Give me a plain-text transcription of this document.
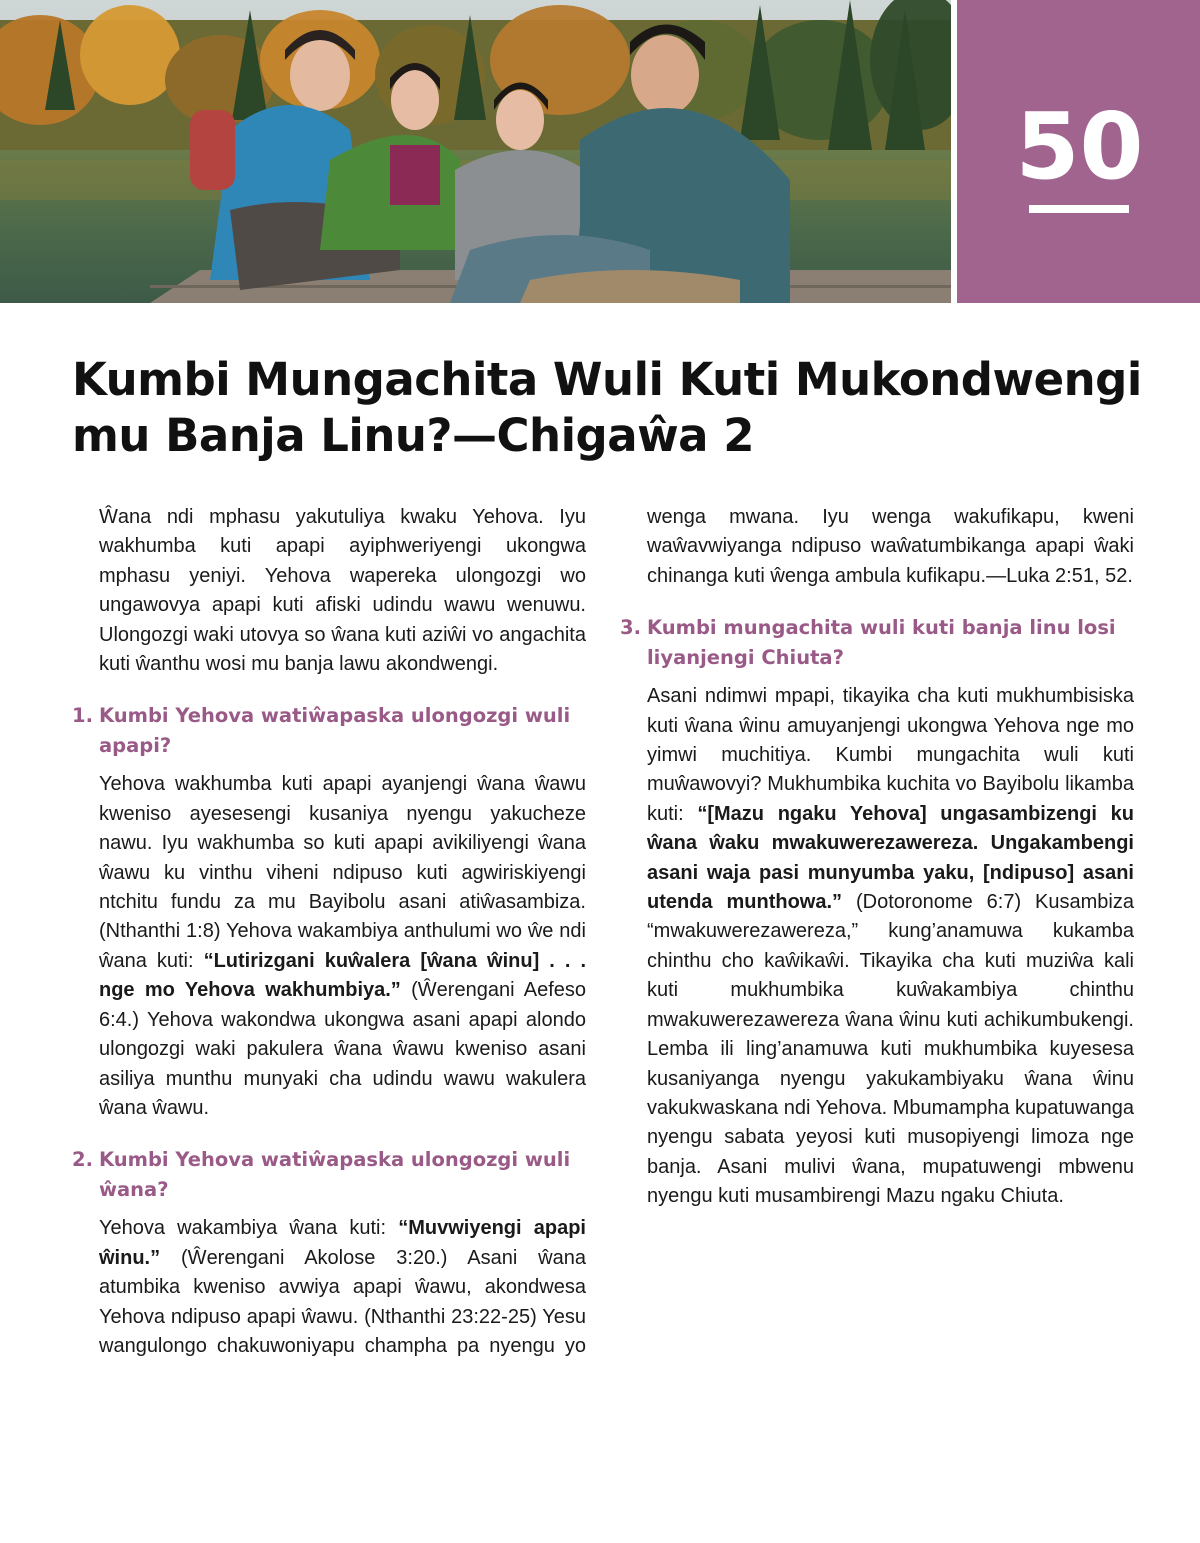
50
Kumbi Mungachita Wuli Kuti Mukondwengi
mu Banja Linu?—Chigaŵa 2

Ŵana ndi mphasu yakutuliya kwaku Yehova. Iyu wakhumba kuti apapi ayiphweriyengi ukongwa mphasu yeniyi. Yehova wapereka ulongozgi wo ungawovya apapi kuti afiski udindu wawu wenuwu. Ulongozgi waki utovya so ŵana kuti aziŵi vo angachita kuti ŵanthu wosi mu banja lawu akondwengi.

1. Kumbi Yehova watiŵapaska ulongozgi wuli apapi?

Yehova wakhumba kuti apapi ayanjengi ŵana ŵawu kweniso ayesesengi kusaniya nyengu yakucheze nawu. Iyu wakhumba so kuti apapi avikiliyengi ŵana ŵawu ku vinthu viheni ndipuso kuti agwiriskiyengi ntchitu fundu za mu Bayibolu asani atiŵasambiza. (Nthanthi 1:8) Yehova wakambiya anthulumi wo ŵe ndi ŵana kuti: “Lutirizgani kuŵalera [ŵana ŵinu] . . . nge mo Yehova wakhumbiya.” (Ŵerengani Aefeso 6:4.) Yehova wakondwa ukongwa asani apapi alondo ulongozgi waki pakulera ŵana ŵawu kweniso asani asiliya munthu munyaki cha udindu wawu wakulera ŵana ŵawu.

2. Kumbi Yehova watiŵapaska ulongozgi wuli ŵana?

Yehova wakambiya ŵana kuti: “Muvwiyengi apapi ŵinu.” (Ŵerengani Akolose 3:20.) Asani ŵana atumbika kweniso avwiya apapi ŵawu, akondwesa Yehova ndipuso apapi ŵawu. (Nthanthi 23:22-25) Yesu wangulongo chakuwoniyapu champha pa nyengu yo wenga mwana. Iyu wenga wakufikapu, kweni waŵavwiyanga ndipuso waŵatumbikanga apapi ŵaki chinanga kuti ŵenga ambula kufikapu.—Luka 2:51, 52.

3. Kumbi mungachita wuli kuti banja linu losi liyanjengi Chiuta?

Asani ndimwi mpapi, tikayika cha kuti mukhumbisiska kuti ŵana ŵinu amuyanjengi ukongwa Yehova nge mo yimwi muchitiya. Kumbi mungachita wuli kuti muŵawovyi? Mukhumbika kuchita vo Bayibolu likamba kuti: “[Mazu ngaku Yehova] ungasambizengi ku ŵana ŵaku mwakuwerezawereza. Ungakambengi asani waja pasi munyumba yaku, [ndipuso] asani utenda munthowa.” (Dotoronome 6:7) Kusambiza “mwakuwerezawereza,” kung’anamuwa kukamba chinthu cho kaŵikaŵi. Tikayika cha kuti muziŵa kali kuti mukhumbika kuŵakambiya chinthu mwakuwerezawereza ŵana ŵinu kuti achikumbukengi. Lemba ili ling’anamuwa kuti mukhumbika kuyesesa kusaniyanga nyengu yakukambiyaku ŵana ŵinu vakukwaskana ndi Yehova. Mbumampha kupatuwanga nyengu sabata yeyosi kuti musopiyengi limoza nge banja. Asani mulivi ŵana, mupatuwengi mbwenu nyengu kuti musambirengi Mazu ngaku Chiuta.
